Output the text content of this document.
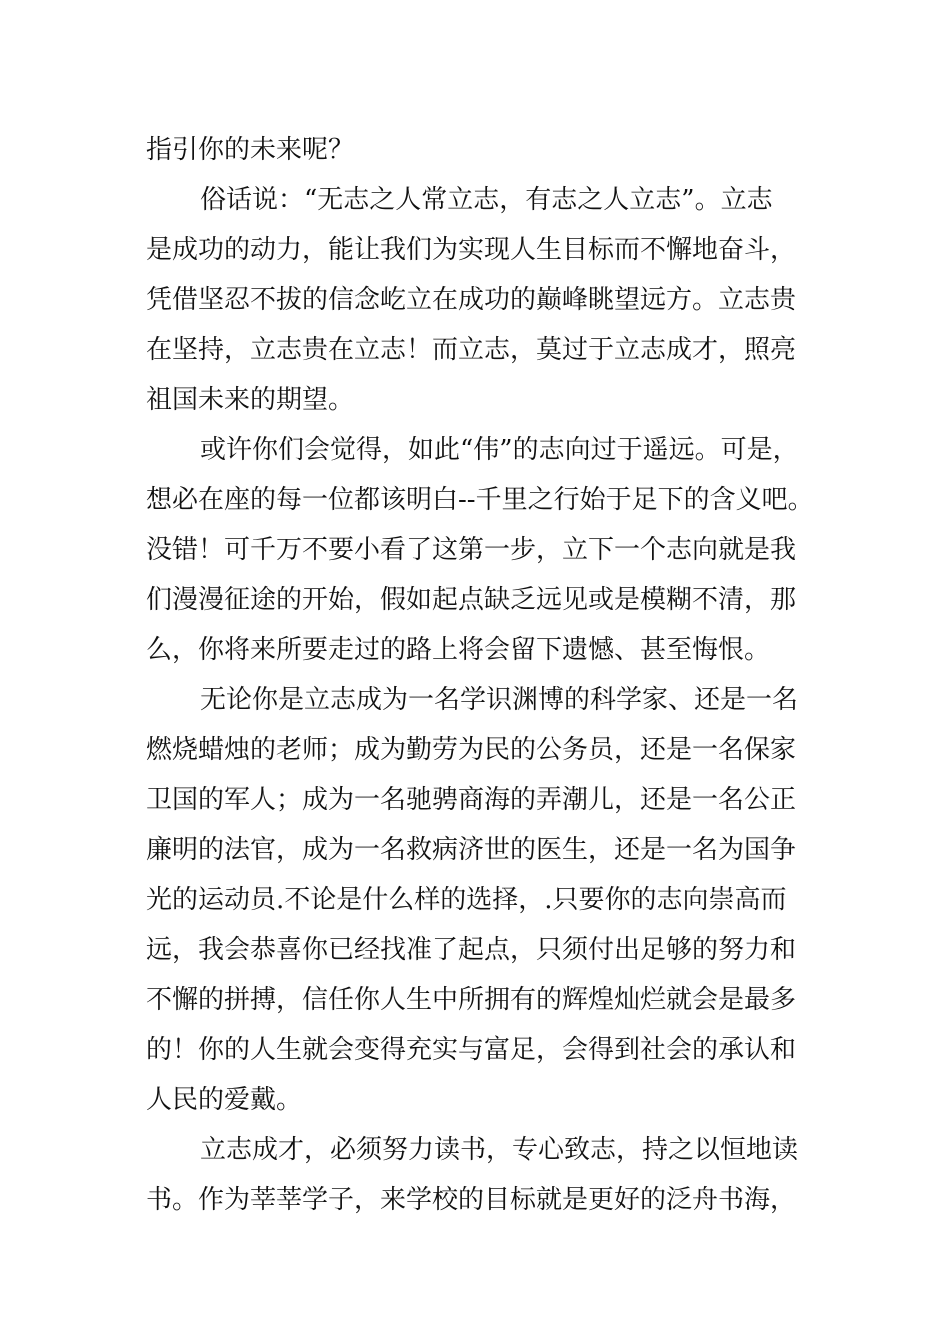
指引你的未来呢？

俗话说：“无志之人常立志，有志之人立志”。立志

是成功的动力，能让我们为实现人生目标而不懈地奋斗，

凭借坚忍不拔的信念屹立在成功的巅峰眺望远方。立志贵

在坚持，立志贵在立志！而立志，莫过于立志成才，照亮

祖国未来的期望。

或许你们会觉得，如此“伟”的志向过于遥远。可是，

想必在座的每一位都该明白--千里之行始于足下的含义吧。

没错！可千万不要小看了这第一步，立下一个志向就是我

们漫漫征途的开始，假如起点缺乏远见或是模糊不清，那

么，你将来所要走过的路上将会留下遗憾、甚至悔恨。

无论你是立志成为一名学识渊博的科学家、还是一名

燃烧蜡烛的老师；成为勤劳为民的公务员，还是一名保家

卫国的军人；成为一名驰骋商海的弄潮儿，还是一名公正

廉明的法官，成为一名救病济世的医生，还是一名为国争

光的运动员.不论是什么样的选择，.只要你的志向崇高而

远，我会恭喜你已经找准了起点，只须付出足够的努力和

不懈的拼搏，信任你人生中所拥有的辉煌灿烂就会是最多

的！你的人生就会变得充实与富足，会得到社会的承认和

人民的爱戴。

立志成才，必须努力读书，专心致志，持之以恒地读

书。作为莘莘学子，来学校的目标就是更好的泛舟书海，
